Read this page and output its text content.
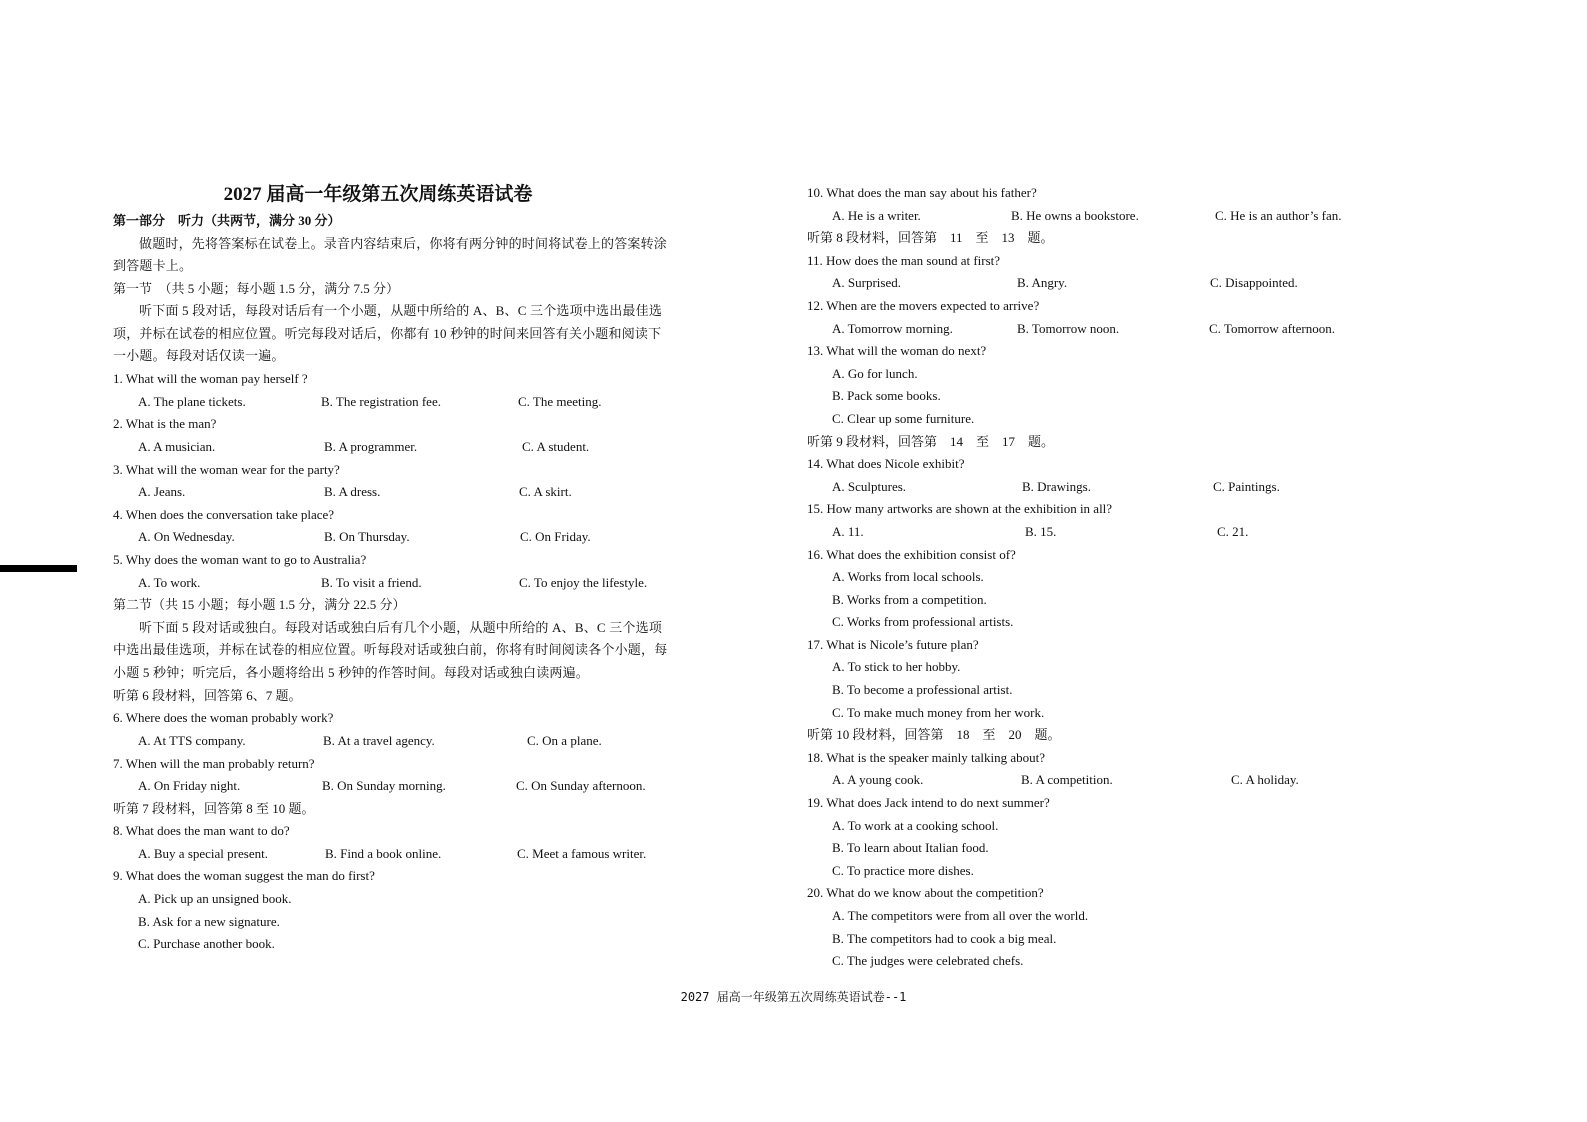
2027 届高一年级第五次周练英语试卷
第一部分　听力（共两节，满分 30 分）
做题时，先将答案标在试卷上。录音内容结束后，你将有两分钟的时间将试卷上的答案转涂到答题卡上。
第一节　（共 5 小题；每小题 1.5 分，满分 7.5 分）
听下面 5 段对话，每段对话后有一个小题，从题中所给的 A、B、C 三个选项中选出最佳选项，并标在试卷的相应位置。听完每段对话后，你都有 10 秒钟的时间来回答有关小题和阅读下一小题。每段对话仅读一遍。
1. What will the woman pay herself ?
A. The plane tickets.	B. The registration fee.	C. The meeting.
2. What is the man?
A. A musician.	B. A programmer.	C. A student.
3. What will the woman wear for the party?
A. Jeans.	B. A dress.	C. A skirt.
4. When does the conversation take place?
A. On Wednesday.	B. On Thursday.	C. On Friday.
5. Why does the woman want to go to Australia?
A. To work.	B. To visit a friend.	C. To enjoy the lifestyle.
第二节（共 15 小题；每小题 1.5 分，满分 22.5 分）
听下面 5 段对话或独白。每段对话或独白后有几个小题，从题中所给的 A、B、C 三个选项中选出最佳选项，并标在试卷的相应位置。听每段对话或独白前，你将有时间阅读各个小题，每小题 5 秒钟；听完后，各小题将给出 5 秒钟的作答时间。每段对话或独白读两遍。
听第 6 段材料，回答第 6、7 题。
6. Where does the woman probably work?
A. At TTS company.	B. At a travel agency.	C. On a plane.
7. When will the man probably return?
A. On Friday night.	B. On Sunday morning.	C. On Sunday afternoon.
听第 7 段材料，回答第 8 至 10 题。
8. What does the man want to do?
A. Buy a special present.	B. Find a book online.	C. Meet a famous writer.
9. What does the woman suggest the man do first?
A. Pick up an unsigned book.
B. Ask for a new signature.
C. Purchase another book.
10. What does the man say about his father?
A. He is a writer.	B. He owns a bookstore.	C. He is an author’s fan.
听第 8 段材料，回答第　11　至　13　题。
11. How does the man sound at first?
A. Surprised.	B. Angry.	C. Disappointed.
12. When are the movers expected to arrive?
A. Tomorrow morning.	B. Tomorrow noon.	C. Tomorrow afternoon.
13. What will the woman do next?
A. Go for lunch.
B. Pack some books.
C. Clear up some furniture.
听第 9 段材料，回答第　14　至　17　题。
14. What does Nicole exhibit?
A. Sculptures.	B. Drawings.	C. Paintings.
15. How many artworks are shown at the exhibition in all?
A. 11.	B. 15.	C. 21.
16. What does the exhibition consist of?
A. Works from local schools.
B. Works from a competition.
C. Works from professional artists.
17. What is Nicole’s future plan?
A. To stick to her hobby.
B. To become a professional artist.
C. To make much money from her work.
听第 10 段材料，回答第　18　至　20　题。
18. What is the speaker mainly talking about?
A. A young cook.	B. A competition.	C. A holiday.
19. What does Jack intend to do next summer?
A. To work at a cooking school.
B. To learn about Italian food.
C. To practice more dishes.
20. What do we know about the competition?
A. The competitors were from all over the world.
B. The competitors had to cook a big meal.
C. The judges were celebrated chefs.
2027 届高一年级第五次周练英语试卷--1
